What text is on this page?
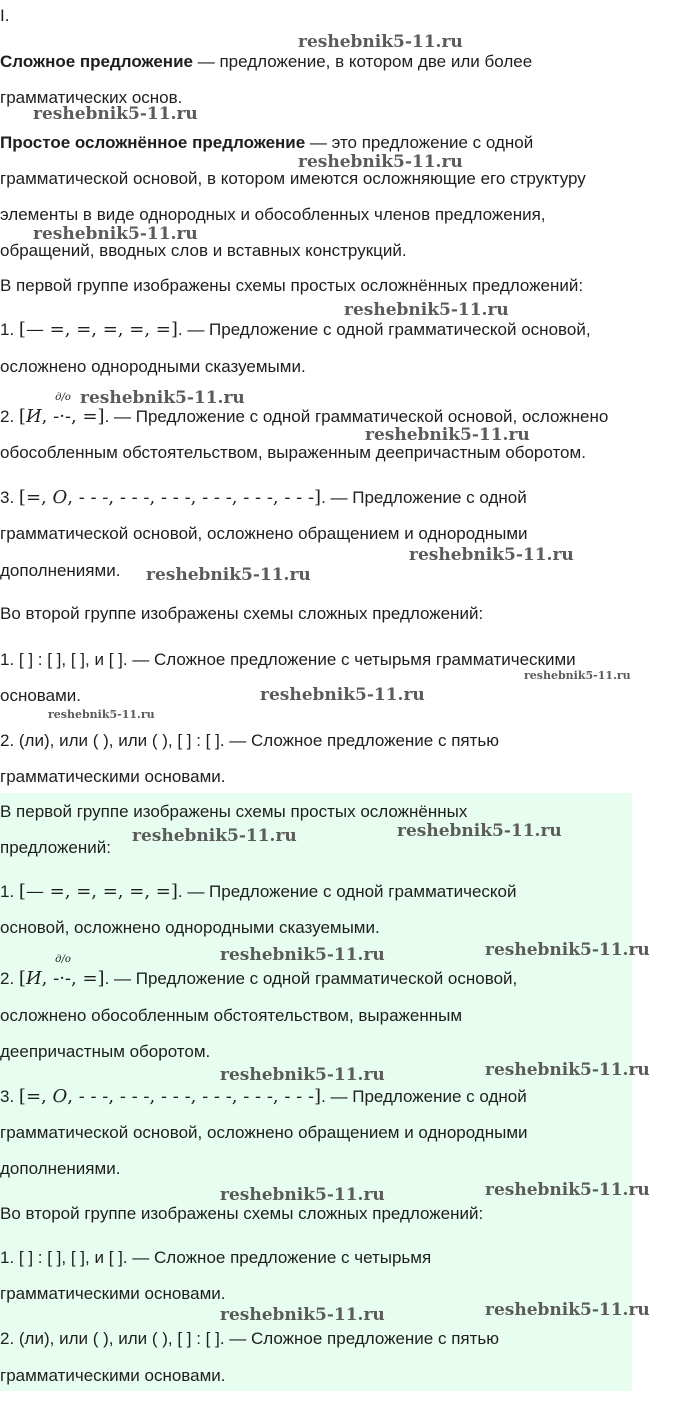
I.

Сложное предложение — предложение, в котором две или более

грамматических основ.

Простое осложнённое предложение — это предложение с одной

грамматической основой, в котором имеются осложняющие его структуру

элементы в виде однородных и обособленных членов предложения,

обращений, вводных слов и вставных конструкций.

В первой группе изображены схемы простых осложнённых предложений:

1. [— =, =, =, =, =]. — Предложение с одной грамматической основой,

осложнено однородными сказуемыми.

2. [И,
д/о
-·-, =]. — Предложение с одной грамматической основой, осложнено

обособленным обстоятельством, выраженным деепричастным оборотом.

3. [=, О, - - -, - - -, - - -, - - -, - - -, - - -]. — Предложение с одной

грамматической основой, осложнено обращением и однородными

дополнениями.

Во второй группе изображены схемы сложных предложений:

1. [ ] : [ ], [ ], и [ ]. — Сложное предложение с четырьмя грамматическими

основами.

2. (ли), или ( ), или ( ), [ ] : [ ]. — Сложное предложение с пятью

грамматическими основами.

В первой группе изображены схемы простых осложнённых

предложений:

1. [— =, =, =, =, =]. — Предложение с одной грамматической

основой, осложнено однородными сказуемыми.

2. [И,
д/о
-·-, =]. — Предложение с одной грамматической основой,

осложнено обособленным обстоятельством, выраженным

деепричастным оборотом.

3. [=, О, - - -, - - -, - - -, - - -, - - -, - - -]. — Предложение с одной

грамматической основой, осложнено обращением и однородными

дополнениями.

Во второй группе изображены схемы сложных предложений:

1. [ ] : [ ], [ ], и [ ]. — Сложное предложение с четырьмя

грамматическими основами.

2. (ли), или ( ), или ( ), [ ] : [ ]. — Сложное предложение с пятью

грамматическими основами.

reshebnik5-11.ru
reshebnik5-11.ru
reshebnik5-11.ru
reshebnik5-11.ru
reshebnik5-11.ru
reshebnik5-11.ru
reshebnik5-11.ru
reshebnik5-11.ru
reshebnik5-11.ru
reshebnik5-11.ru
reshebnik5-11.ru
reshebnik5-11.ru
reshebnik5-11.ru	reshebnik5-11.ru
reshebnik5-11.ru	reshebnik5-11.ru
reshebnik5-11.ru	reshebnik5-11.ru
reshebnik5-11.ru	reshebnik5-11.ru
reshebnik5-11.ru	reshebnik5-11.ru
